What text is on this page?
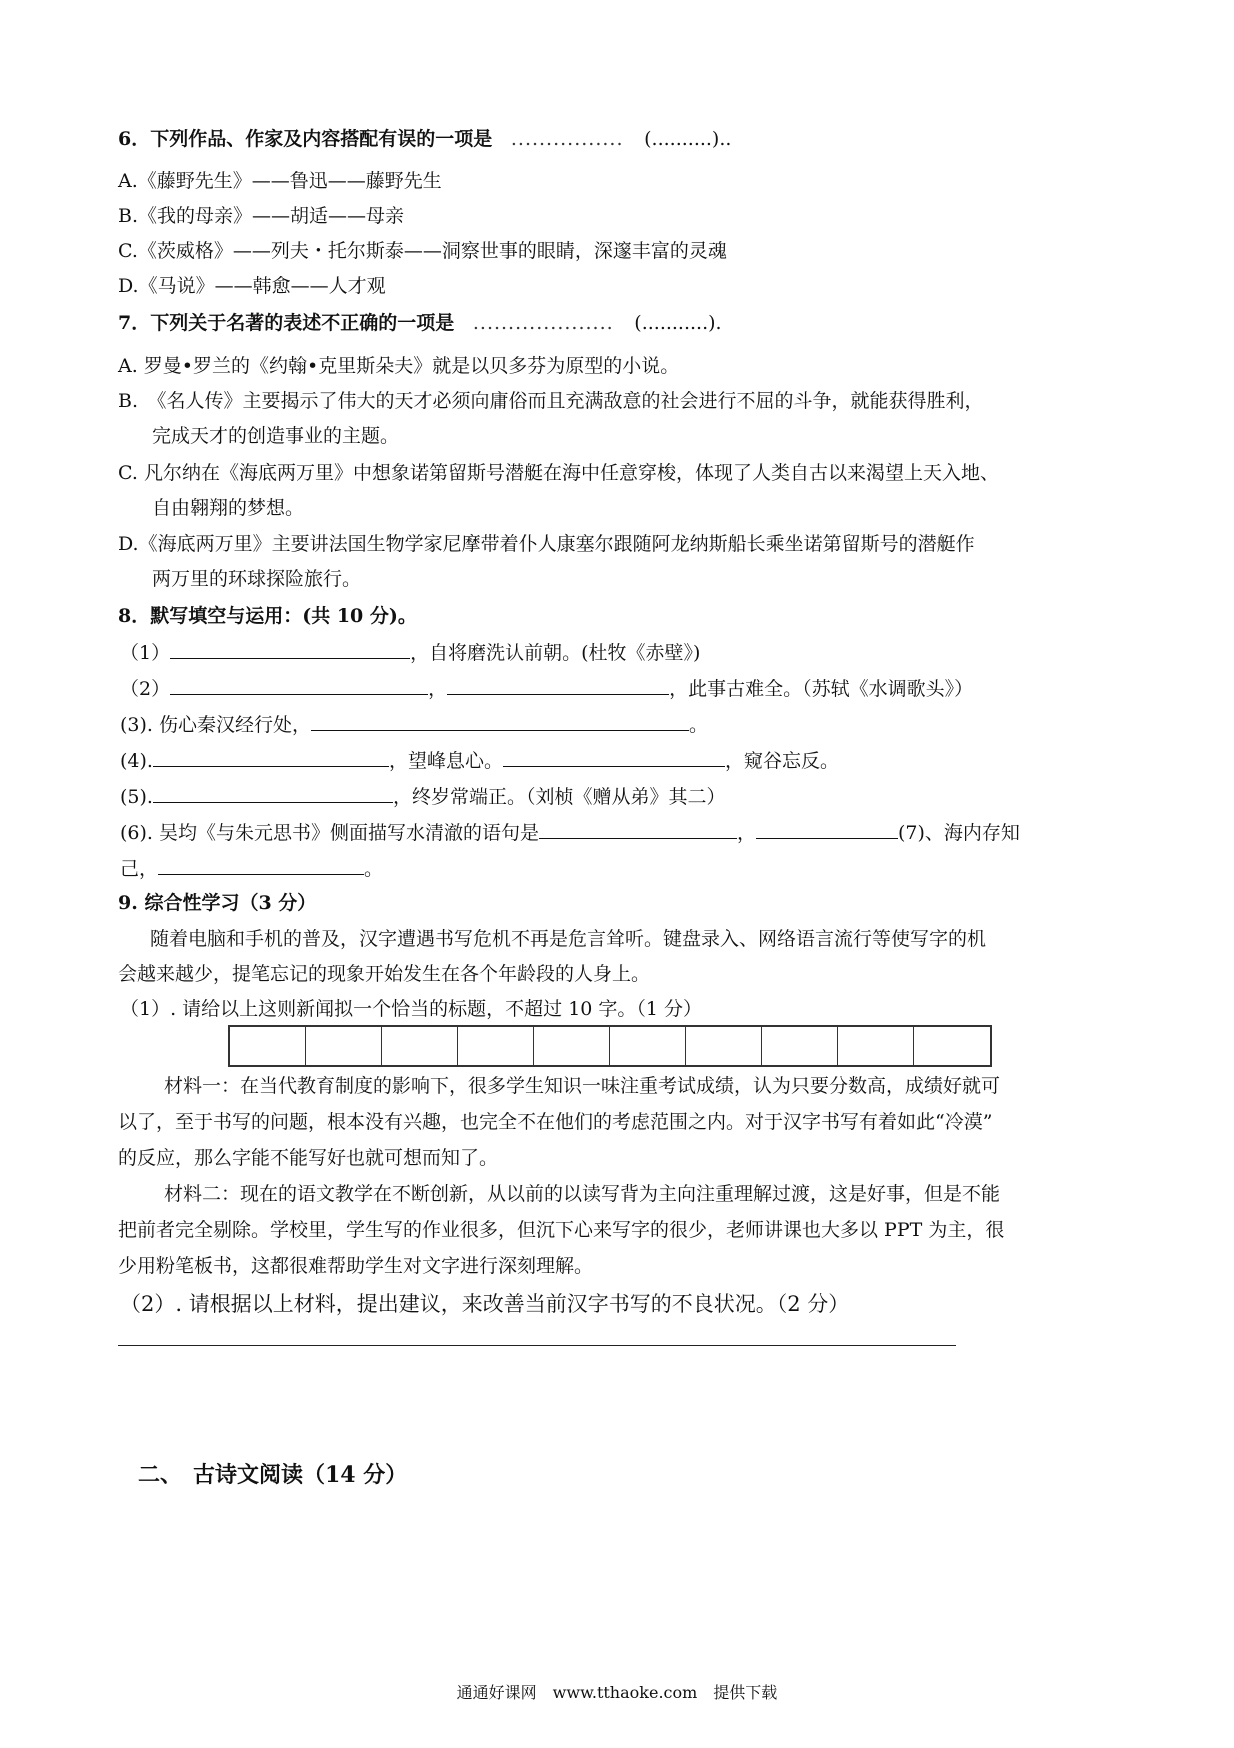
6．下列作品、作家及内容搭配有误的一项是 ................ (..........)..
A.《藤野先生》——鲁迅——藤野先生
B.《我的母亲》——胡适——母亲
C.《茨威格》——列夫・托尔斯泰——洞察世事的眼睛，深邃丰富的灵魂
D.《马说》——韩愈——人才观
7．下列关于名著的表述不正确的一项是 .................... (...........).
A. 罗曼•罗兰的《约翰•克里斯朵夫》就是以贝多芬为原型的小说。
B.　《名人传》主要揭示了伟大的天才必须向庸俗而且充满敌意的社会进行不屈的斗争，就能获得胜利，
完成天才的创造事业的主题。
C. 凡尔纳在《海底两万里》中想象诺第留斯号潜艇在海中任意穿梭，体现了人类自古以来渴望上天入地、
自由翱翔的梦想。
D.《海底两万里》主要讲法国生物学家尼摩带着仆人康塞尔跟随阿龙纳斯船长乘坐诺第留斯号的潜艇作
两万里的环球探险旅行。
8．默写填空与运用：(共 10 分)。
（1）	，自将磨洗认前朝。(杜牧《赤壁》)
（2）	，	，此事古难全。（苏轼《水调歌头》）
(3). 伤心秦汉经行处，	。
(4).	，望峰息心。	，窥谷忘反。
(5).	，终岁常端正。（刘桢《赠从弟》其二）
(6). 吴均《与朱元思书》侧面描写水清澈的语句是	，	(7)、海内存知
己，	。
9. 综合性学习（3 分）
随着电脑和手机的普及，汉字遭遇书写危机不再是危言耸听。键盘录入、网络语言流行等使写字的机
会越来越少，提笔忘记的现象开始发生在各个年龄段的人身上。
（1）. 请给以上这则新闻拟一个恰当的标题，不超过 10 字。（1 分）
材料一：在当代教育制度的影响下，很多学生知识一味注重考试成绩，认为只要分数高，成绩好就可
以了，至于书写的问题，根本没有兴趣，也完全不在他们的考虑范围之内。对于汉字书写有着如此“冷漠”
的反应，那么字能不能写好也就可想而知了。
材料二：现在的语文教学在不断创新，从以前的以读写背为主向注重理解过渡，这是好事，但是不能
把前者完全剔除。学校里，学生写的作业很多，但沉下心来写字的很少，老师讲课也大多以 PPT 为主，很
少用粉笔板书，这都很难帮助学生对文字进行深刻理解。
（2）. 请根据以上材料，提出建议，来改善当前汉字书写的不良状况。（2 分）
二、　古诗文阅读（14 分）
通通好课网　www.tthaoke.com　提供下载
